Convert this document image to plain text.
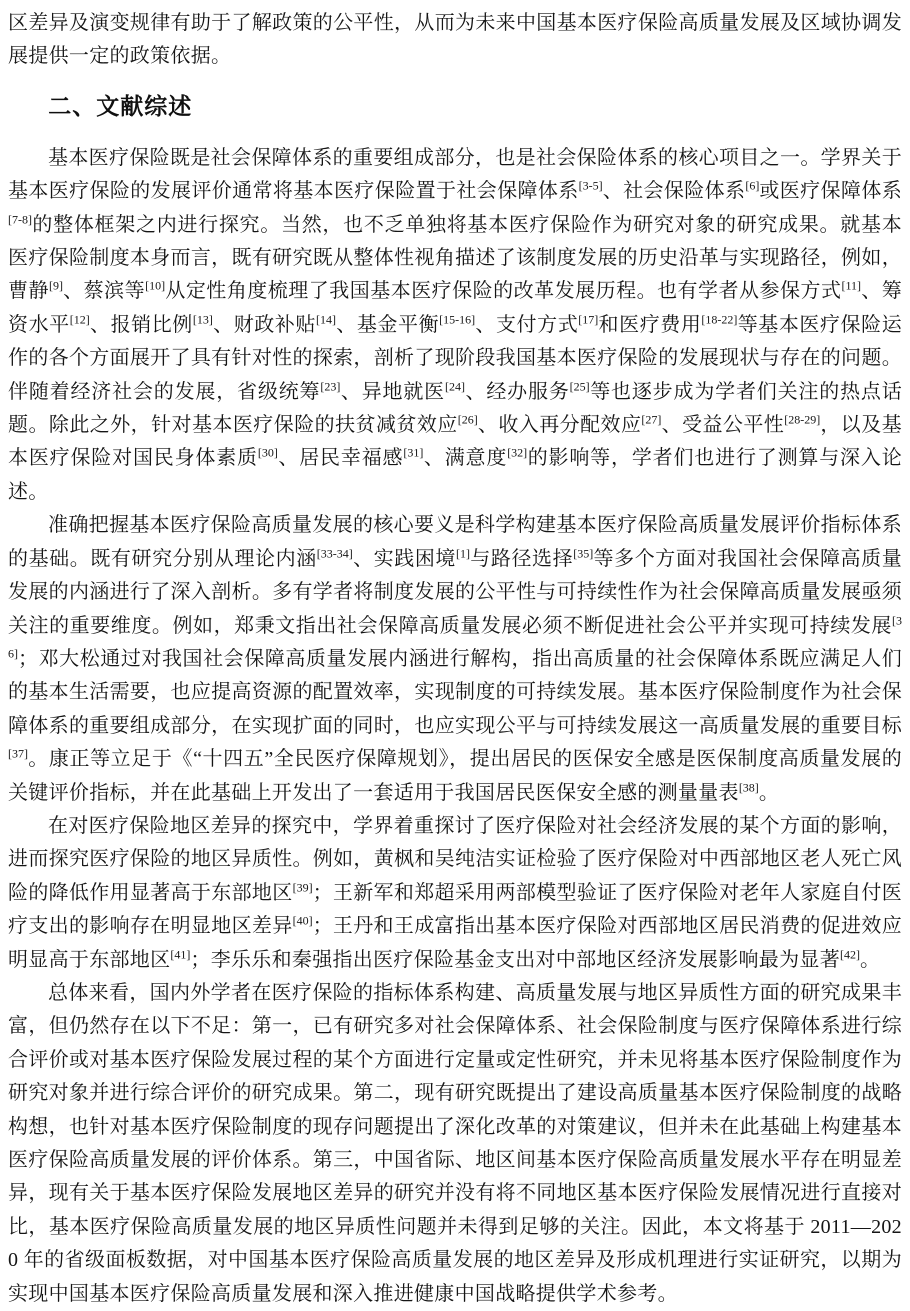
区差异及演变规律有助于了解政策的公平性，从而为未来中国基本医疗保险高质量发展及区域协调发展提供一定的政策依据。

二、文献综述

基本医疗保险既是社会保障体系的重要组成部分，也是社会保险体系的核心项目之一。学界关于基本医疗保险的发展评价通常将基本医疗保险置于社会保障体系[3-5]、社会保险体系[6]或医疗保障体系[7-8]的整体框架之内进行探究。当然，也不乏单独将基本医疗保险作为研究对象的研究成果。就基本医疗保险制度本身而言，既有研究既从整体性视角描述了该制度发展的历史沿革与实现路径，例如，曹静[9]、蔡滨等[10]从定性角度梳理了我国基本医疗保险的改革发展历程。也有学者从参保方式[11]、筹资水平[12]、报销比例[13]、财政补贴[14]、基金平衡[15-16]、支付方式[17]和医疗费用[18-22]等基本医疗保险运作的各个方面展开了具有针对性的探索，剖析了现阶段我国基本医疗保险的发展现状与存在的问题。伴随着经济社会的发展，省级统筹[23]、异地就医[24]、经办服务[25]等也逐步成为学者们关注的热点话题。除此之外，针对基本医疗保险的扶贫减贫效应[26]、收入再分配效应[27]、受益公平性[28-29]，以及基本医疗保险对国民身体素质[30]、居民幸福感[31]、满意度[32]的影响等，学者们也进行了测算与深入论述。

准确把握基本医疗保险高质量发展的核心要义是科学构建基本医疗保险高质量发展评价指标体系的基础。既有研究分别从理论内涵[33-34]、实践困境[1]与路径选择[35]等多个方面对我国社会保障高质量发展的内涵进行了深入剖析。多有学者将制度发展的公平性与可持续性作为社会保障高质量发展亟须关注的重要维度。例如，郑秉文指出社会保障高质量发展必须不断促进社会公平并实现可持续发展[36]；邓大松通过对我国社会保障高质量发展内涵进行解构，指出高质量的社会保障体系既应满足人们的基本生活需要，也应提高资源的配置效率，实现制度的可持续发展。基本医疗保险制度作为社会保障体系的重要组成部分，在实现扩面的同时，也应实现公平与可持续发展这一高质量发展的重要目标[37]。康正等立足于《“十四五”全民医疗保障规划》，提出居民的医保安全感是医保制度高质量发展的关键评价指标，并在此基础上开发出了一套适用于我国居民医保安全感的测量量表[38]。

在对医疗保险地区差异的探究中，学界着重探讨了医疗保险对社会经济发展的某个方面的影响，进而探究医疗保险的地区异质性。例如，黄枫和吴纯洁实证检验了医疗保险对中西部地区老人死亡风险的降低作用显著高于东部地区[39]；王新军和郑超采用两部模型验证了医疗保险对老年人家庭自付医疗支出的影响存在明显地区差异[40]；王丹和王成富指出基本医疗保险对西部地区居民消费的促进效应明显高于东部地区[41]；李乐乐和秦强指出医疗保险基金支出对中部地区经济发展影响最为显著[42]。

总体来看，国内外学者在医疗保险的指标体系构建、高质量发展与地区异质性方面的研究成果丰富，但仍然存在以下不足：第一，已有研究多对社会保障体系、社会保险制度与医疗保障体系进行综合评价或对基本医疗保险发展过程的某个方面进行定量或定性研究，并未见将基本医疗保险制度作为研究对象并进行综合评价的研究成果。第二，现有研究既提出了建设高质量基本医疗保险制度的战略构想，也针对基本医疗保险制度的现存问题提出了深化改革的对策建议，但并未在此基础上构建基本医疗保险高质量发展的评价体系。第三，中国省际、地区间基本医疗保险高质量发展水平存在明显差异，现有关于基本医疗保险发展地区差异的研究并没有将不同地区基本医疗保险发展情况进行直接对比，基本医疗保险高质量发展的地区异质性问题并未得到足够的关注。因此，本文将基于 2011—2020 年的省级面板数据，对中国基本医疗保险高质量发展的地区差异及形成机理进行实证研究，以期为实现中国基本医疗保险高质量发展和深入推进健康中国战略提供学术参考。
